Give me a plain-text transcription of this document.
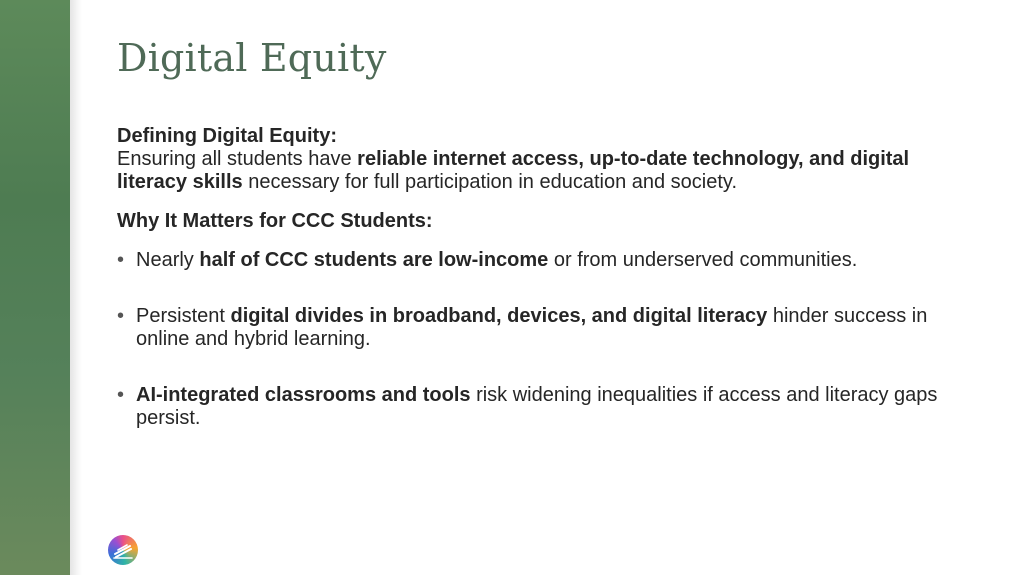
Digital Equity

Defining Digital Equity:

Ensuring all students have reliable internet access, up-to-date technology, and digital literacy skills necessary for full participation in education and society.

Why It Matters for CCC Students:

• Nearly half of CCC students are low-income or from underserved communities.
• Persistent digital divides in broadband, devices, and digital literacy hinder success in online and hybrid learning.
• AI-integrated classrooms and tools risk widening inequalities if access and literacy gaps persist.
